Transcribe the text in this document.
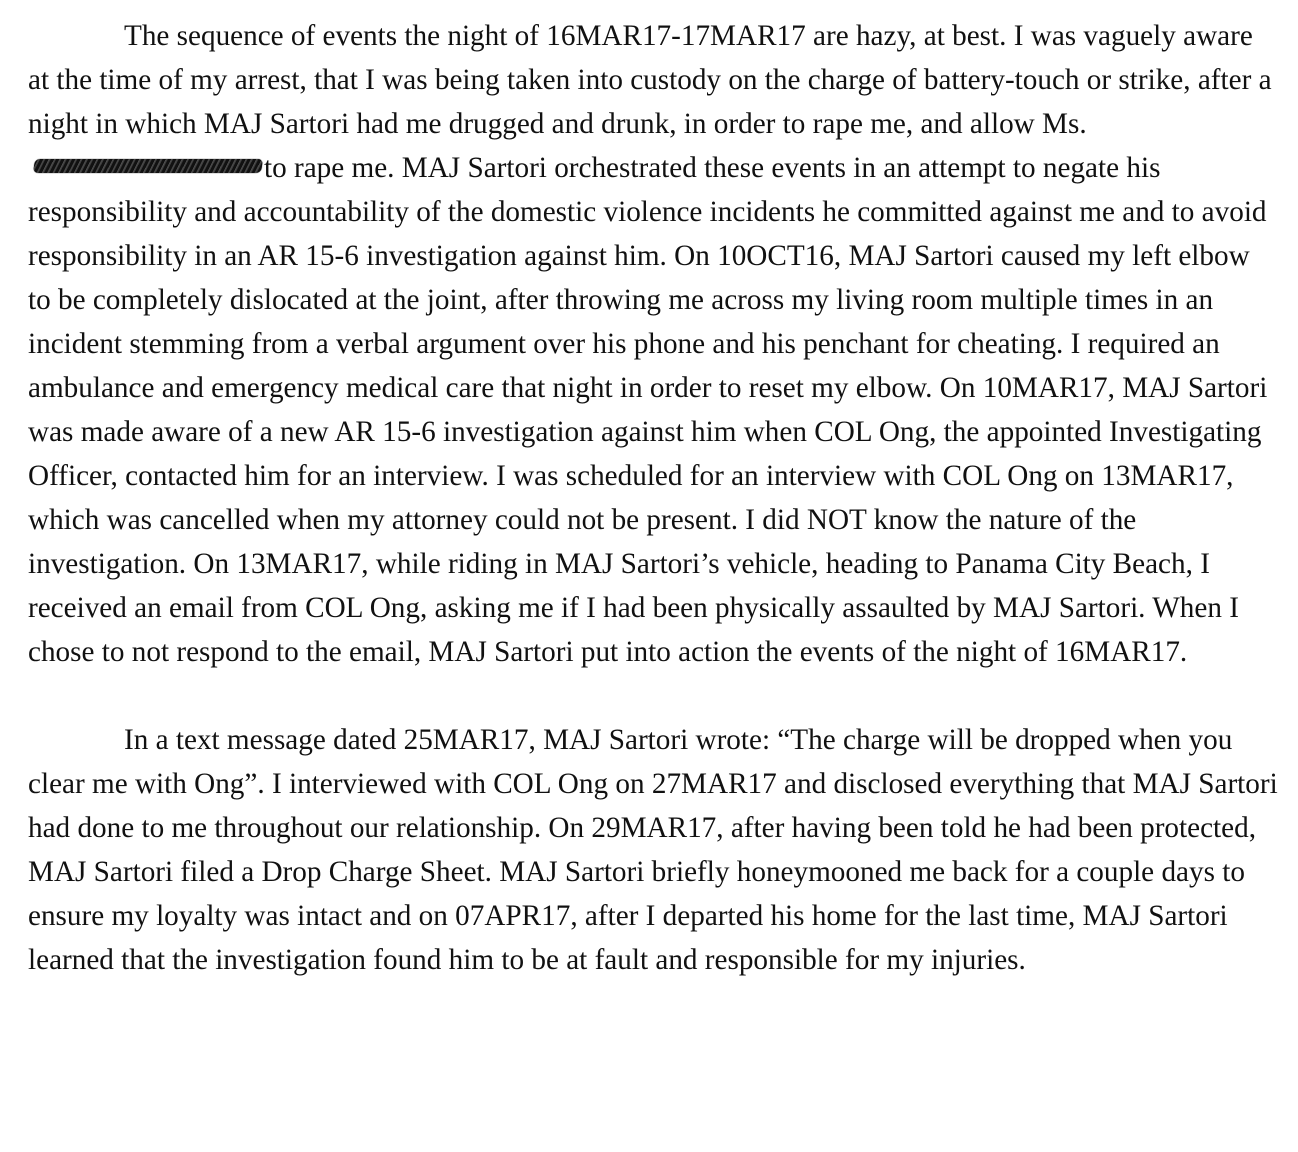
The sequence of events the night of 16MAR17-17MAR17 are hazy, at best. I was vaguely aware at the time of my arrest, that I was being taken into custody on the charge of battery-touch or strike, after a night in which MAJ Sartori had me drugged and drunk, in order to rape me, and allow Ms.to rape me. MAJ Sartori orchestrated these events in an attempt to negate his responsibility and accountability of the domestic violence incidents he committed against me and to avoid responsibility in an AR 15-6 investigation against him. On 10OCT16, MAJ Sartori caused my left elbow to be completely dislocated at the joint, after throwing me across my living room multiple times in an incident stemming from a verbal argument over his phone and his penchant for cheating. I required an ambulance and emergency medical care that night in order to reset my elbow. On 10MAR17, MAJ Sartori was made aware of a new AR 15-6 investigation against him when COL Ong, the appointed Investigating Officer, contacted him for an interview. I was scheduled for an interview with COL Ong on 13MAR17, which was cancelled when my attorney could not be present. I did NOT know the nature of the investigation. On 13MAR17, while riding in MAJ Sartori’s vehicle, heading to Panama City Beach, I received an email from COL Ong, asking me if I had been physically assaulted by MAJ Sartori. When I chose to not respond to the email, MAJ Sartori put into action the events of the night of 16MAR17.

In a text message dated 25MAR17, MAJ Sartori wrote: “The charge will be dropped when you clear me with Ong”. I interviewed with COL Ong on 27MAR17 and disclosed everything that MAJ Sartori had done to me throughout our relationship. On 29MAR17, after having been told he had been protected, MAJ Sartori filed a Drop Charge Sheet. MAJ Sartori briefly honeymooned me back for a couple days to ensure my loyalty was intact and on 07APR17, after I departed his home for the last time, MAJ Sartori learned that the investigation found him to be at fault and responsible for my injuries.
